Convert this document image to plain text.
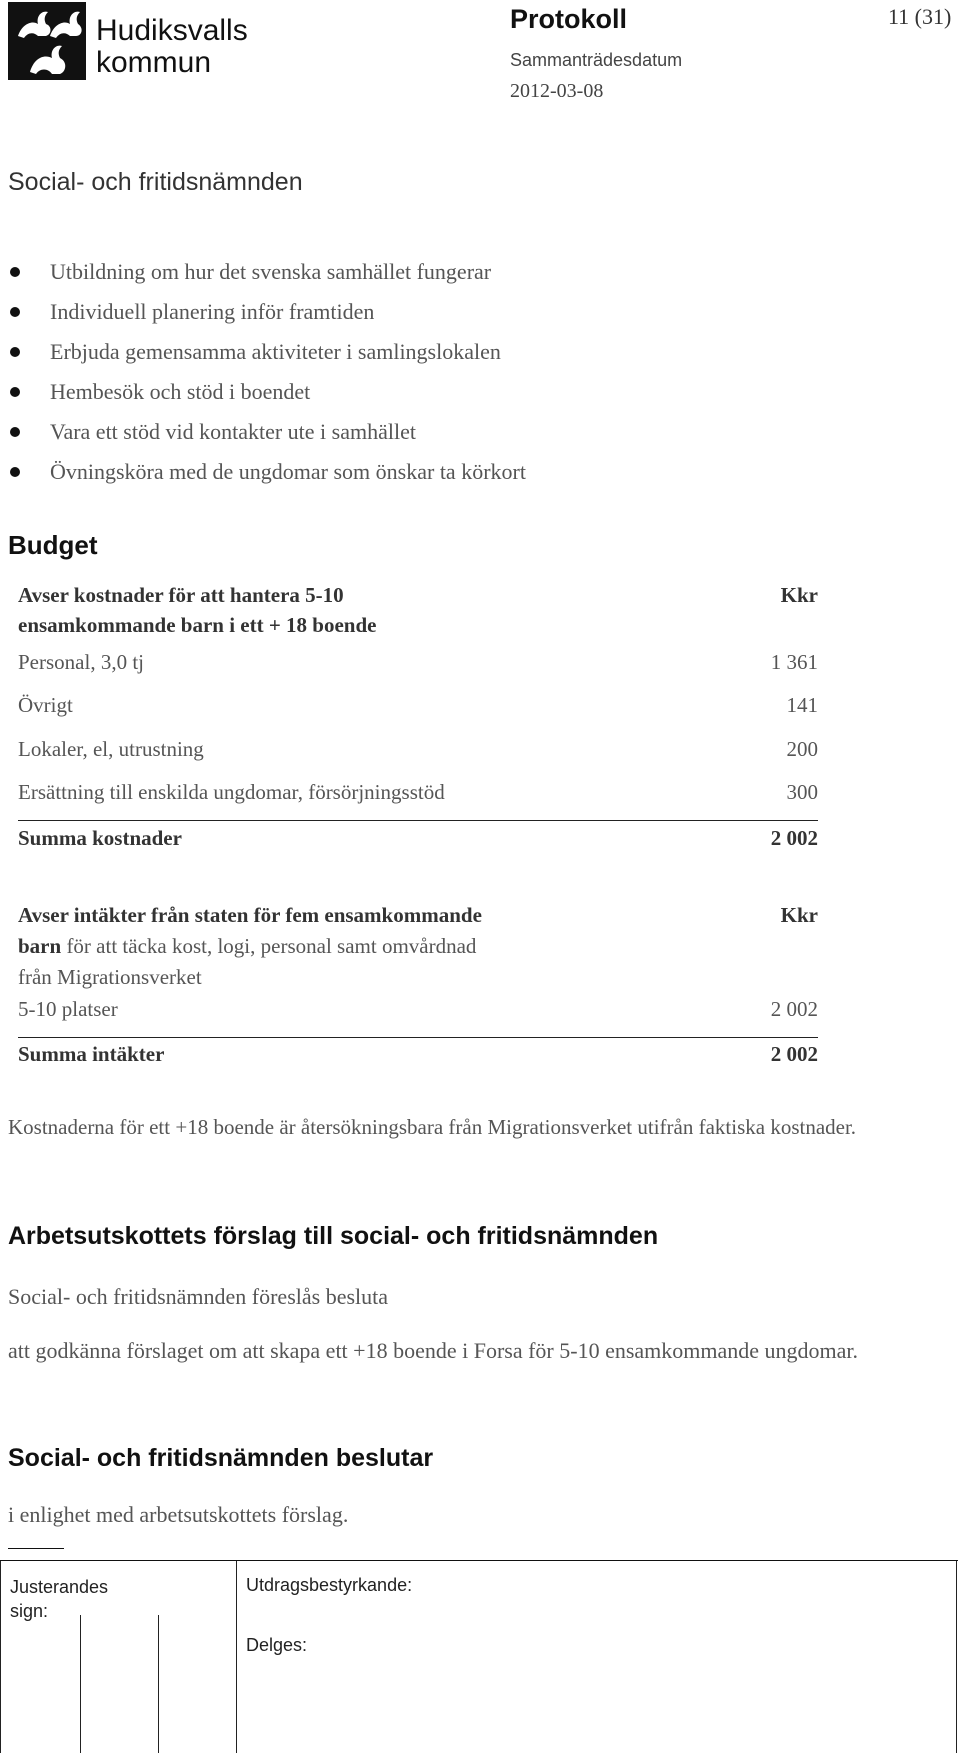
Hudiksvalls
kommun
Protokoll	11 (31)
Sammanträdesdatum
2012-03-08
Social- och fritidsnämnden
Utbildning om hur det svenska samhället fungerar
Individuell planering inför framtiden
Erbjuda gemensamma aktiviteter i samlingslokalen
Hembesök och stöd i boendet
Vara ett stöd vid kontakter ute i samhället
Övningsköra med de ungdomar som önskar ta körkort
Budget
Avser kostnader för att hantera 5-10
ensamkommande barn i ett + 18 boende
Kkr
Personal, 3,0 tj	1 361
Övrigt	141
Lokaler, el, utrustning	200
Ersättning till enskilda ungdomar, försörjningsstöd	300
Summa kostnader	2 002
Avser intäkter från staten för fem ensamkommande
barn för att täcka kost, logi, personal samt omvårdnad
från Migrationsverket
Kkr
5-10 platser	2 002
Summa intäkter	2 002
Kostnaderna för ett +18 boende är återsökningsbara från Migrationsverket utifrån faktiska kostnader.
Arbetsutskottets förslag till social- och fritidsnämnden
Social- och fritidsnämnden föreslås besluta
att godkänna förslaget om att skapa ett +18 boende i Forsa för 5-10 ensamkommande ungdomar.
Social- och fritidsnämnden beslutar
i enlighet med arbetsutskottets förslag.
Justerandes sign:
Utdragsbestyrkande:
Delges:
